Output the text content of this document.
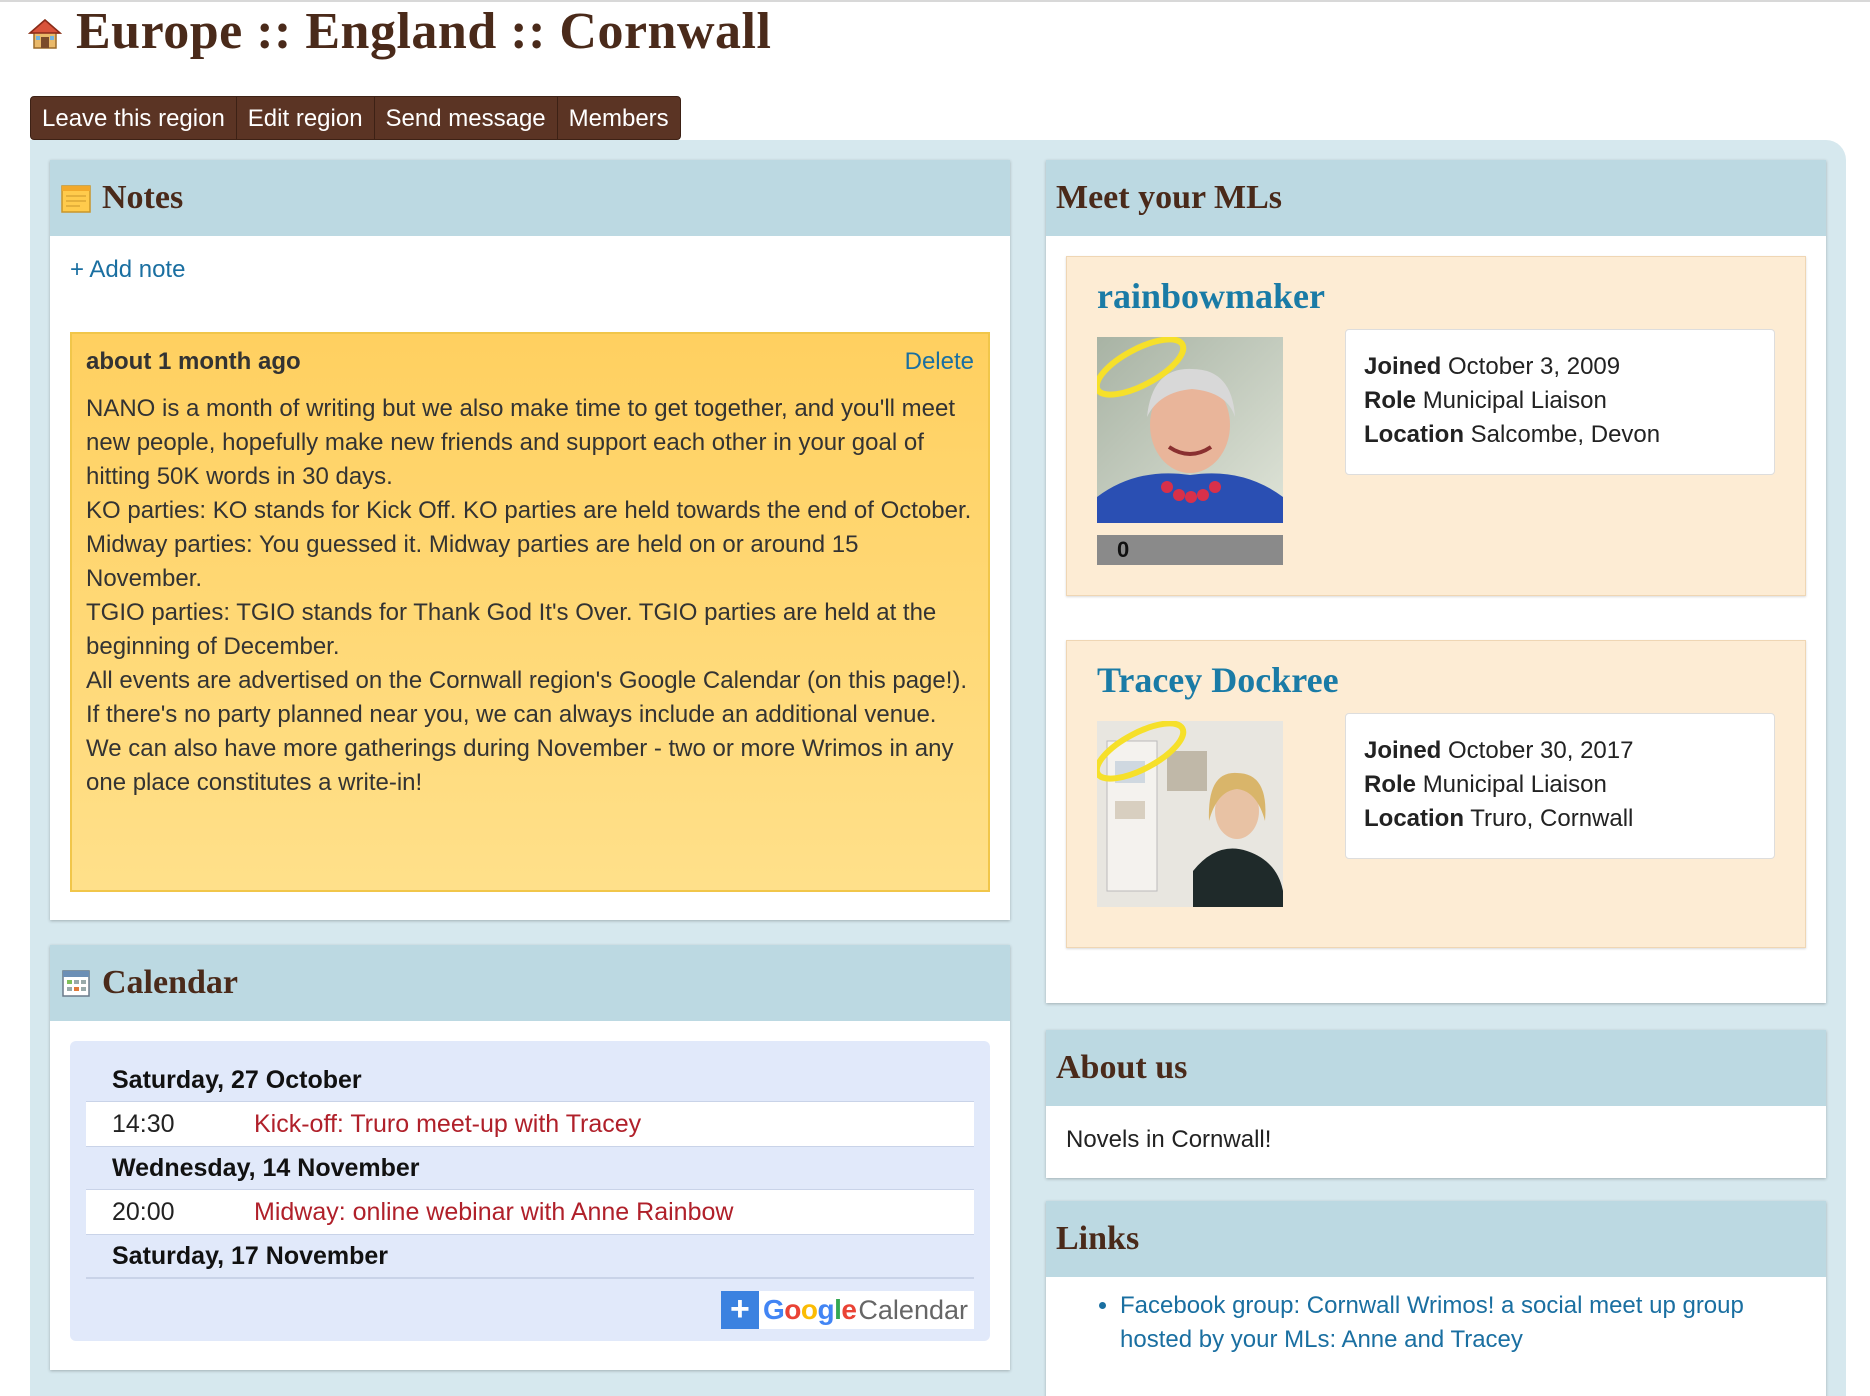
Europe :: England :: Cornwall
Leave this region Edit region Send message Members
Notes
+ Add note
about 1 month ago	Delete

NANO is a month of writing but we also make time to get together, and you'll meet new people, hopefully make new friends and support each other in your goal of hitting 50K words in 30 days.

KO parties: KO stands for Kick Off. KO parties are held towards the end of October.

Midway parties: You guessed it. Midway parties are held on or around 15 November.

TGIO parties: TGIO stands for Thank God It's Over. TGIO parties are held at the beginning of December.

All events are advertised on the Cornwall region's Google Calendar (on this page!). If there's no party planned near you, we can always include an additional venue.

We can also have more gatherings during November - two or more Wrimos in any one place constitutes a write-in!

Calendar
Saturday, 27 October
14:30	Kick-off: Truro meet-up with Tracey
Wednesday, 14 November
20:00	Midway: online webinar with Anne Rainbow
Saturday, 17 November
+ Google Calendar
Meet your MLs
rainbowmaker
0
Joined October 3, 2009
Role Municipal Liaison
Location Salcombe, Devon
Tracey Dockree
Joined October 30, 2017
Role Municipal Liaison
Location Truro, Cornwall
About us
Novels in Cornwall!
Links
• Facebook group: Cornwall Wrimos! a social meet up group hosted by your MLs: Anne and Tracey
